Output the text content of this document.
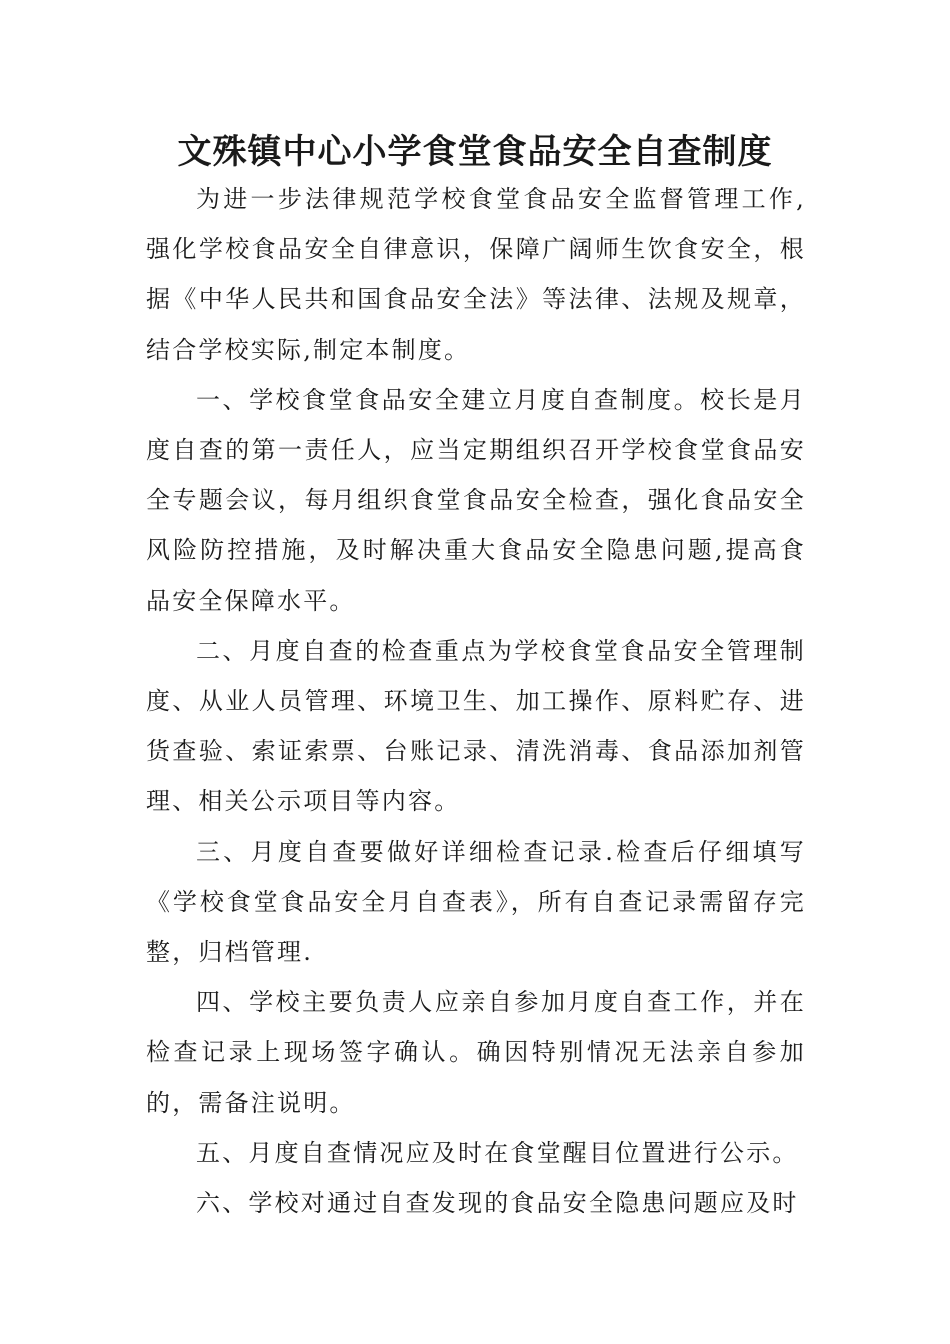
文殊镇中心小学食堂食品安全自查制度

为进一步法律规范学校食堂食品安全监督管理工作,强化学校食品安全自律意识，保障广阔师生饮食安全，根据《中华人民共和国食品安全法》等法律、法规及规章，结合学校实际,制定本制度。

一、学校食堂食品安全建立月度自查制度。校长是月度自查的第一责任人，应当定期组织召开学校食堂食品安全专题会议，每月组织食堂食品安全检查，强化食品安全风险防控措施，及时解决重大食品安全隐患问题,提高食品安全保障水平。

二、月度自查的检查重点为学校食堂食品安全管理制度、从业人员管理、环境卫生、加工操作、原料贮存、进货查验、索证索票、台账记录、清洗消毒、食品添加剂管理、相关公示项目等内容。

三、月度自查要做好详细检查记录.检查后仔细填写《学校食堂食品安全月自查表》，所有自查记录需留存完整，归档管理.

四、学校主要负责人应亲自参加月度自查工作，并在检查记录上现场签字确认。确因特别情况无法亲自参加的，需备注说明。

五、月度自查情况应及时在食堂醒目位置进行公示。

六、学校对通过自查发现的食品安全隐患问题应及时
